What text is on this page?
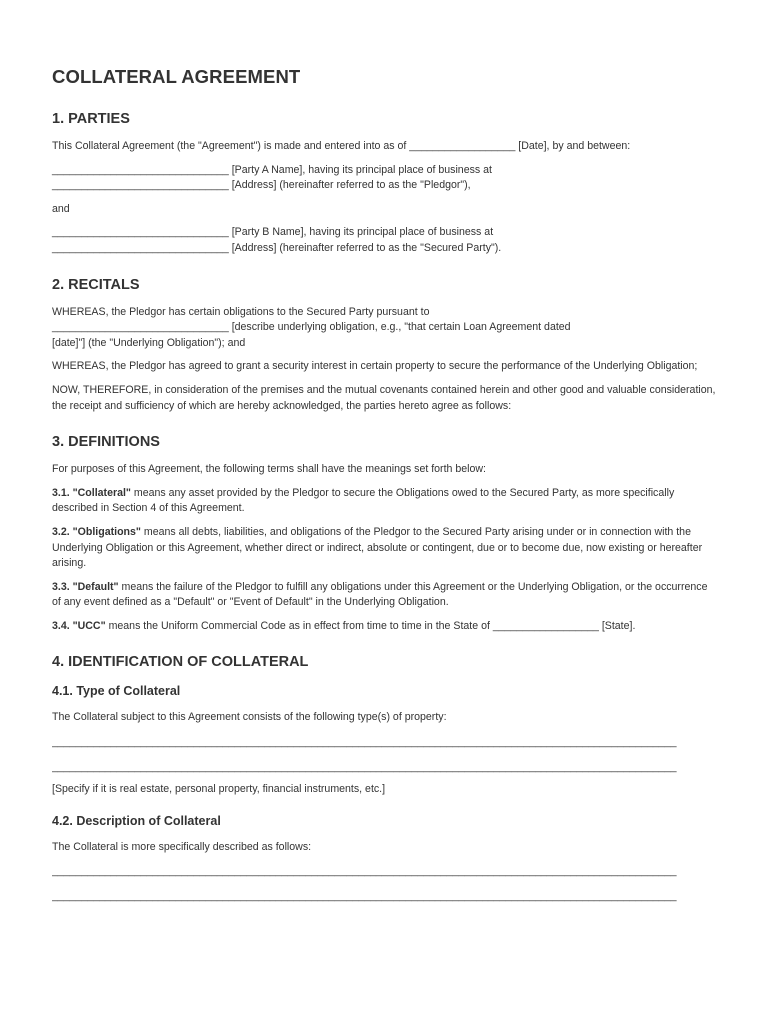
COLLATERAL AGREEMENT
1. PARTIES

This Collateral Agreement (the "Agreement") is made and entered into as of __________________ [Date], by and between:

______________________________ [Party A Name], having its principal place of business at

______________________________ [Address] (hereinafter referred to as the "Pledgor"),

and

______________________________ [Party B Name], having its principal place of business at

______________________________ [Address] (hereinafter referred to as the "Secured Party").

2. RECITALS

WHEREAS, the Pledgor has certain obligations to the Secured Party pursuant to

______________________________ [describe underlying obligation, e.g., "that certain Loan Agreement dated

[date]"] (the "Underlying Obligation"); and

WHEREAS, the Pledgor has agreed to grant a security interest in certain property to secure the performance of the Underlying Obligation;

NOW, THEREFORE, in consideration of the premises and the mutual covenants contained herein and other good and valuable consideration, the receipt and sufficiency of which are hereby acknowledged, the parties hereto agree as follows:

3. DEFINITIONS

For purposes of this Agreement, the following terms shall have the meanings set forth below:

3.1. "Collateral" means any asset provided by the Pledgor to secure the Obligations owed to the Secured Party, as more specifically described in Section 4 of this Agreement.

3.2. "Obligations" means all debts, liabilities, and obligations of the Pledgor to the Secured Party arising under or in connection with the Underlying Obligation or this Agreement, whether direct or indirect, absolute or contingent, due or to become due, now existing or hereafter arising.

3.3. "Default" means the failure of the Pledgor to fulfill any obligations under this Agreement or the Underlying Obligation, or the occurrence of any event defined as a "Default" or "Event of Default" in the Underlying Obligation.

3.4. "UCC" means the Uniform Commercial Code as in effect from time to time in the State of __________________ [State].

4. IDENTIFICATION OF COLLATERAL
4.1. Type of Collateral

The Collateral subject to this Agreement consists of the following type(s) of property:

__________________________________________________________________________________________________________
__________________________________________________________________________________________________________

[Specify if it is real estate, personal property, financial instruments, etc.]

4.2. Description of Collateral

The Collateral is more specifically described as follows:

__________________________________________________________________________________________________________
__________________________________________________________________________________________________________
